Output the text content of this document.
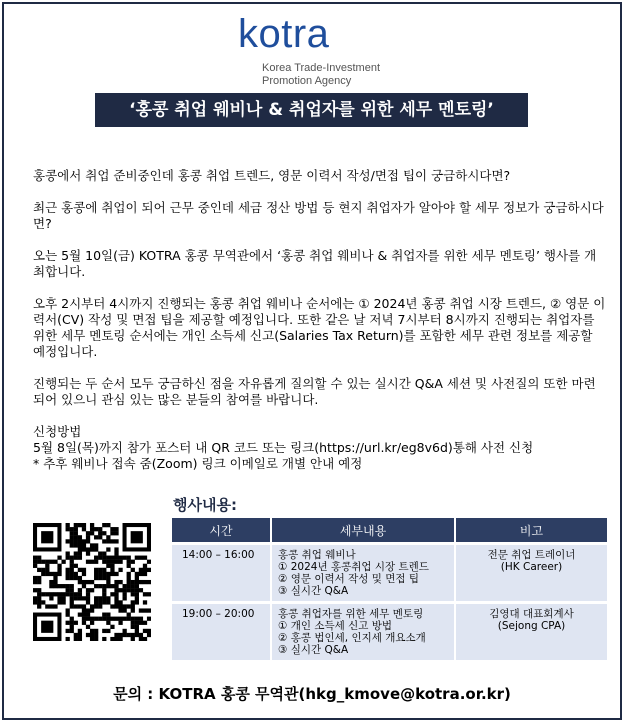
kotra
Korea Trade-Investment
Promotion Agency
‘홍콩 취업 웨비나 & 취업자를 위한 세무 멘토링’

홍콩에서 취업 준비중인데 홍콩 취업 트렌드, 영문 이력서 작성/면접 팁이 궁금하시다면?

최근 홍콩에 취업이 되어 근무 중인데 세금 정산 방법 등 현지 취업자가 알아야 할 세무 정보가 궁금하시다면?

오는 5월 10일(금) KOTRA 홍콩 무역관에서 ‘홍콩 취업 웨비나 & 취업자를 위한 세무 멘토링’ 행사를 개최합니다.

오후 2시부터 4시까지 진행되는 홍콩 취업 웨비나 순서에는 ① 2024년 홍콩 취업 시장 트렌드, ② 영문 이력서(CV) 작성 및 면접 팁을 제공할 예정입니다. 또한 같은 날 저녁 7시부터 8시까지 진행되는 취업자를 위한 세무 멘토링 순서에는 개인 소득세 신고(Salaries Tax Return)를 포함한 세무 관련 정보를 제공할 예정입니다.

진행되는 두 순서 모두 궁금하신 점을 자유롭게 질의할 수 있는 실시간 Q&A 세션 및 사전질의 또한 마련되어 있으니 관심 있는 많은 분들의 참여를 바랍니다.

신청방법

5월 8일(목)까지 참가 포스터 내 QR 코드 또는 링크(https://url.kr/eg8v6d)통해 사전 신청

* 추후 웨비나 접속 줌(Zoom) 링크 이메일로 개별 안내 예정

행사내용:
시간	세부내용	비고
14:00 – 16:00	홍콩 취업 웨비나
① 2024년 홍콩취업 시장 트렌드
② 영문 이력서 작성 및 면접 팁
③ 실시간 Q&A	전문 취업 트레이너
(HK Career)

19:00 – 20:00	홍콩 취업자를 위한 세무 멘토링
① 개인 소득세 신고 방법
② 홍콩 법인세, 인지세 개요소개
③ 실시간 Q&A	김영대 대표회계사
(Sejong CPA)
문의 : KOTRA 홍콩 무역관(hkg_kmove@kotra.or.kr)
